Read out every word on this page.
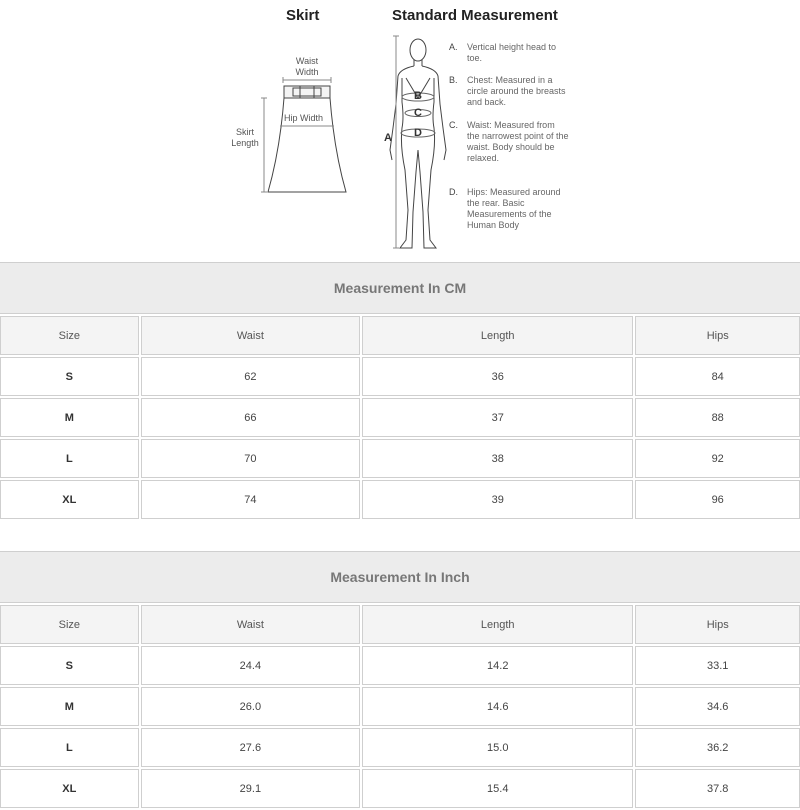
Skirt	Standard Measurement
Waist Width
Hip Width
Skirt Length	A
B
C
D
A. Vertical height head to toe.
B. Chest: Measured in a circle around the breasts and back.
C. Waist: Measured from the narrowest point of the waist. Body should be relaxed.
D. Hips: Measured around the rear. Basic Measurements of the Human Body
Measurement In CM
Size	Waist	Length	Hips
S	62	36	84
M	66	37	88
L	70	38	92
XL	74	39	96
Measurement In Inch
Size	Waist	Length	Hips
S	24.4	14.2	33.1
M	26.0	14.6	34.6
L	27.6	15.0	36.2
XL	29.1	15.4	37.8
